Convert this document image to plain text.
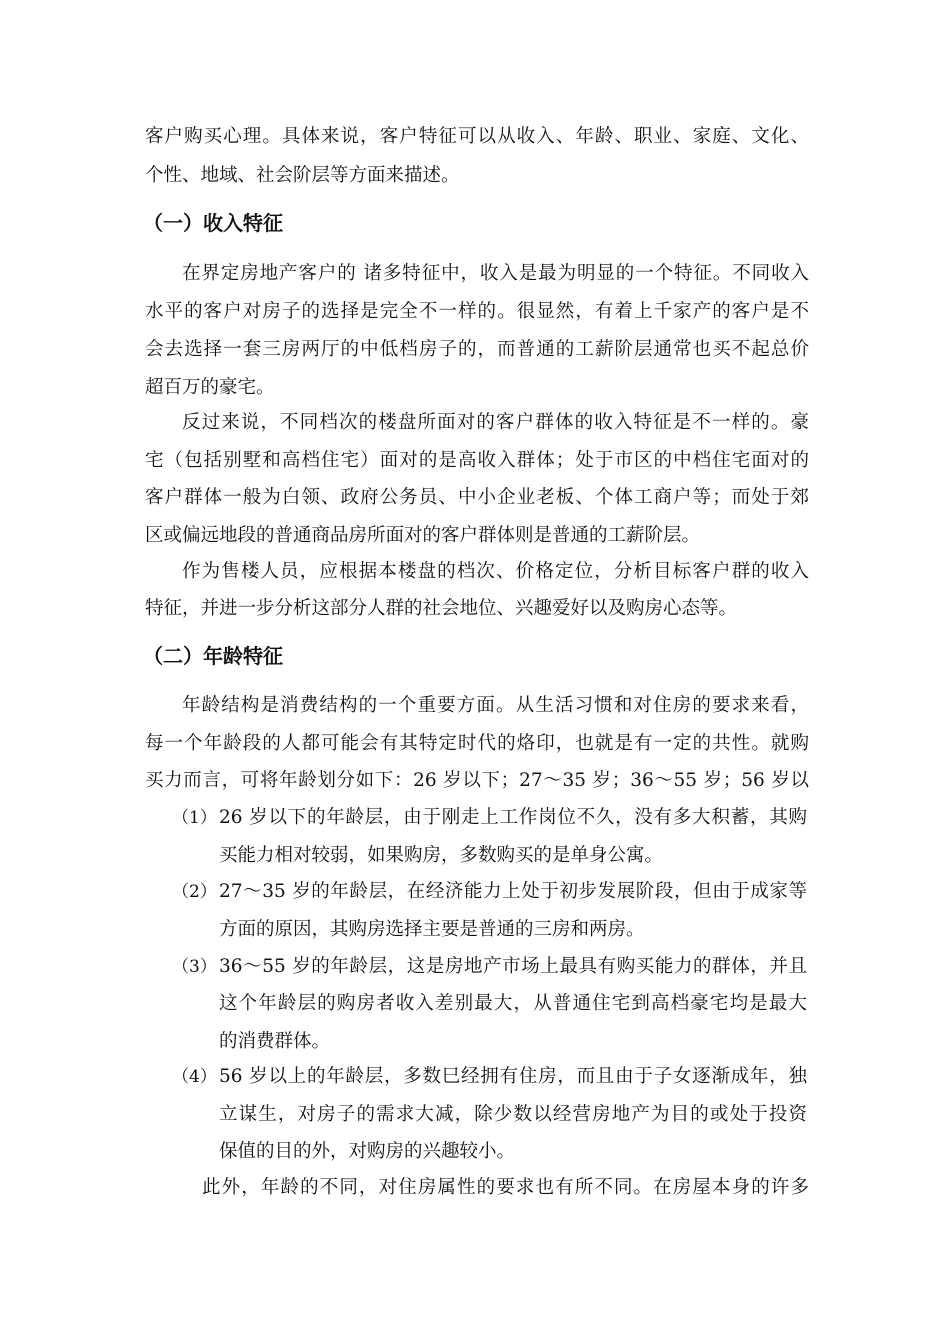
客户购买心理。具体来说，客户特征可以从收入、年龄、职业、家庭、文化、
个性、地域、社会阶层等方面来描述。
（一）收入特征
在界定房地产客户的 诸多特征中，收入是最为明显的一个特征。不同收入
水平的客户对房子的选择是完全不一样的。很显然，有着上千家产的客户是不
会去选择一套三房两厅的中低档房子的，而普通的工薪阶层通常也买不起总价
超百万的豪宅。
反过来说，不同档次的楼盘所面对的客户群体的收入特征是不一样的。豪
宅（包括别墅和高档住宅）面对的是高收入群体；处于市区的中档住宅面对的
客户群体一般为白领、政府公务员、中小企业老板、个体工商户等；而处于郊
区或偏远地段的普通商品房所面对的客户群体则是普通的工薪阶层。
作为售楼人员，应根据本楼盘的档次、价格定位，分析目标客户群的收入
特征，并进一步分析这部分人群的社会地位、兴趣爱好以及购房心态等。
（二）年龄特征
年龄结构是消费结构的一个重要方面。从生活习惯和对住房的要求来看，
每一个年龄段的人都可能会有其特定时代的烙印，也就是有一定的共性。就购
买力而言，可将年龄划分如下：26 岁以下；27～35 岁；36～55 岁；56 岁以
（1） 26 岁以下的年龄层，由于刚走上工作岗位不久，没有多大积蓄，其购
买能力相对较弱，如果购房，多数购买的是单身公寓。
（2） 27～35 岁的年龄层，在经济能力上处于初步发展阶段，但由于成家等
方面的原因，其购房选择主要是普通的三房和两房。
（3） 36～55 岁的年龄层，这是房地产市场上最具有购买能力的群体，并且
这个年龄层的购房者收入差别最大，从普通住宅到高档豪宅均是最大
的消费群体。
（4） 56 岁以上的年龄层，多数巳经拥有住房，而且由于子女逐渐成年，独
立谋生，对房子的需求大减，除少数以经营房地产为目的或处于投资
保值的目的外，对购房的兴趣较小。
此外，年龄的不同，对住房属性的要求也有所不同。在房屋本身的许多
